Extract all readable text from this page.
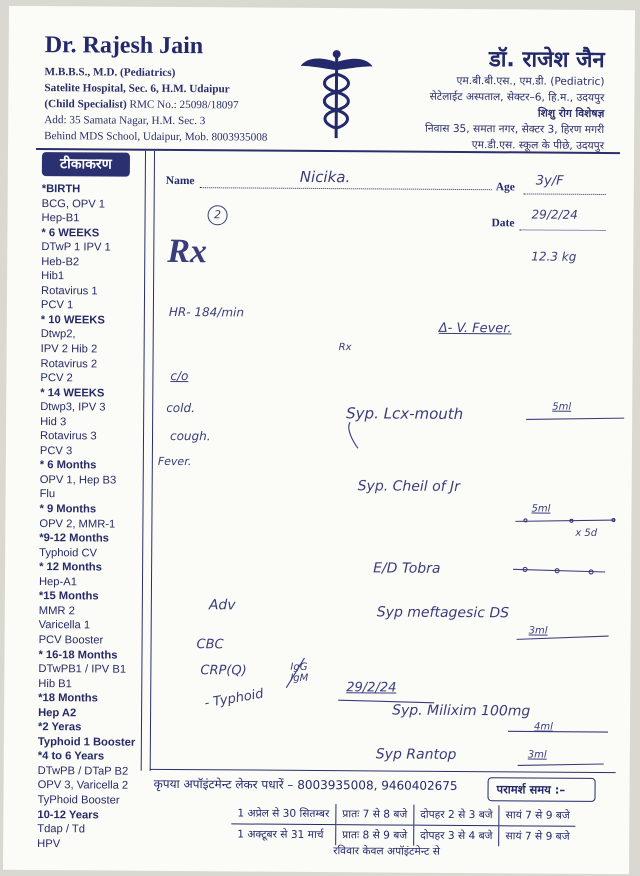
Dr. Rajesh Jain
M.B.B.S., M.D. (Pediatrics)
Satelite Hospital, Sec. 6, H.M. Udaipur
(Child Specialist) RMC No.: 25098/18097
Add: 35 Samata Nagar, H.M. Sec. 3
Behind MDS School, Udaipur, Mob. 8003935008
डॉ. राजेश जैन
एम.बी.बी.एस., एम.डी. (Pediatric)
सेटेलाईट अस्पताल, सेक्टर–6, हि.म., उदयपुर
शिशु रोग विशेषज्ञ
निवास 35, समता नगर, सेक्टर 3, हिरण मगरी
एम.डी.एस. स्कूल के पीछे, उदयपुर
टीकाकरण
*BIRTH
BCG, OPV 1
Hep-B1
* 6 WEEKS
DTwP 1 IPV 1
Heb-B2
Hib1
Rotavirus 1
PCV 1
* 10 WEEKS
Dtwp2,
IPV 2 Hib 2
Rotavirus 2
PCV 2
* 14 WEEKS
Dtwp3, IPV 3
Hid 3
Rotavirus 3
PCV 3
* 6 Months
OPV 1, Hep B3
Flu
* 9 Months
OPV 2, MMR-1
*9-12 Months
Typhoid CV
* 12 Months
Hep-A1
*15 Months
MMR 2
Varicella 1
PCV Booster
* 16-18 Months
DTwPB1 / IPV B1
Hib B1
*18 Months
Hep A2
*2 Yeras
Typhoid 1 Booster
*4 to 6 Years
DTwPB / DTaP B2
OPV 3, Varicella 2
TyPhoid Booster
10-12 Years
Tdap / Td
HPV
Name
Age
Date
Nicika.	3y/F
29/2/24
2
Rx	12.3 kg
HR- 184/min
Δ- V. Fever.
Rx
c/o
cold.
cough.
Fever.
Syp. Lcx-mouth	5ml
Syp. Cheil of Jr
5ml
x 5d
E/D Tobra
Syp meftagesic DS
3ml
Adv
CBC
CRP(Q)
- Typhoid
IgG IgM
29/2/24
Syp. Milixim 100mg
4ml
Syp Rantop	3ml
कृपया अपॉइंटमेन्ट लेकर पधारें – 8003935008, 9460402675	परामर्श समय :–
1 अप्रेल से 30 सितम्बर	प्रातः 7 से 8 बजे	दोपहर 2 से 3 बजे	सायं 7 से 9 बजे
1 अक्टूबर से 31 मार्च	प्रातः 8 से 9 बजे	दोपहर 3 से 4 बजे	सायं 7 से 9 बजे
रविवार केवल अपॉइंटमेन्ट से
